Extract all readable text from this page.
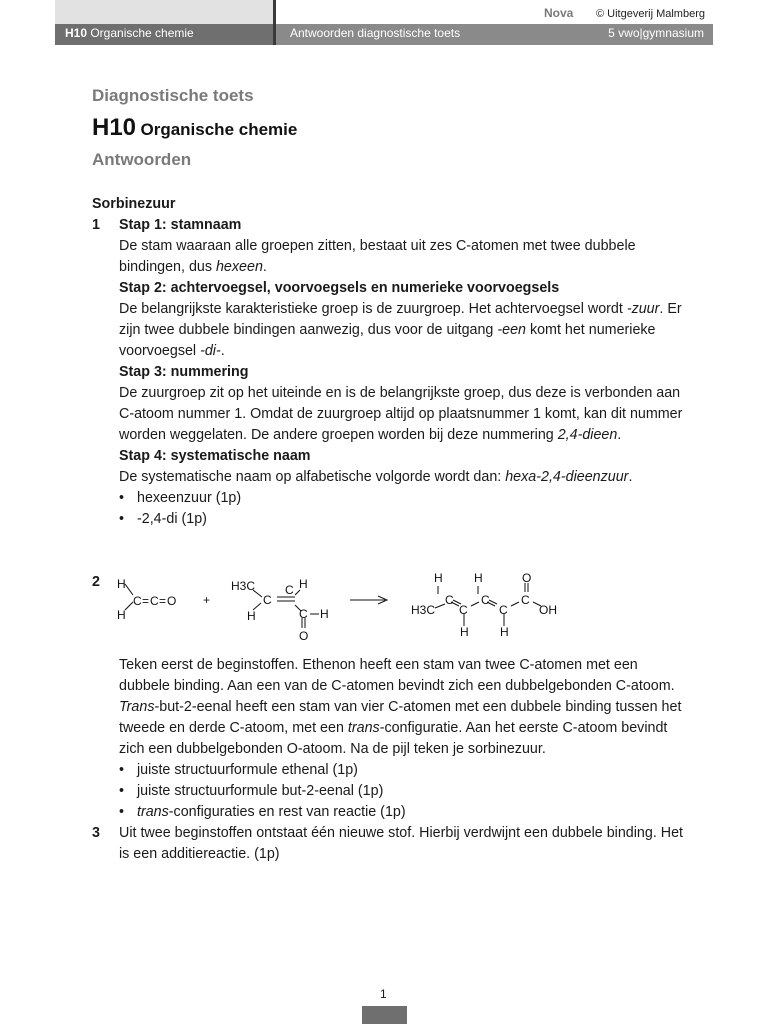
Nova © Uitgeverij Malmberg
H10 Organische chemie	Antwoorden diagnostische toets	5 vwo|gymnasium
Diagnostische toets
H10 Organische chemie
Antwoorden
Sorbinezuur
1 Stap 1: stamnaam
De stam waaraan alle groepen zitten, bestaat uit zes C-atomen met twee dubbele bindingen, dus hexeen.
Stap 2: achtervoegsel, voorvoegsels en numerieke voorvoegsels
De belangrijkste karakteristieke groep is de zuurgroep. Het achtervoegsel wordt -zuur. Er zijn twee dubbele bindingen aanwezig, dus voor de uitgang -een komt het numerieke voorvoegsel -di-.
Stap 3: nummering
De zuurgroep zit op het uiteinde en is de belangrijkste groep, dus deze is verbonden aan C-atoom nummer 1. Omdat de zuurgroep altijd op plaatsnummer 1 komt, kan dit nummer worden weggelaten. De andere groepen worden bij deze nummering 2,4-dieen.
Stap 4: systematische naam
De systematische naam op alfabetische volgorde wordt dan: hexa-2,4-dieenzuur.
• hexeenzuur (1p)
• -2,4-di (1p)
2 H
H
C = C = O +
H3C	H
C
C
H	C H
O
H3C
C
C
C
C
C
OH
H	H	O
H	H
Teken eerst de beginstoffen. Ethenon heeft een stam van twee C-atomen met een dubbele binding. Aan een van de C-atomen bevindt zich een dubbelgebonden C-atoom.
Trans-but-2-eenal heeft een stam van vier C-atomen met een dubbele binding tussen het tweede en derde C-atoom, met een trans-configuratie. Aan het eerste C-atoom bevindt zich een dubbelgebonden O-atoom. Na de pijl teken je sorbinezuur.
• juiste structuurformule ethenal (1p)
• juiste structuurformule but-2-eenal (1p)
• trans-configuraties en rest van reactie (1p)
3 Uit twee beginstoffen ontstaat één nieuwe stof. Hierbij verdwijnt een dubbele binding. Het is een additiereactie. (1p)
1
